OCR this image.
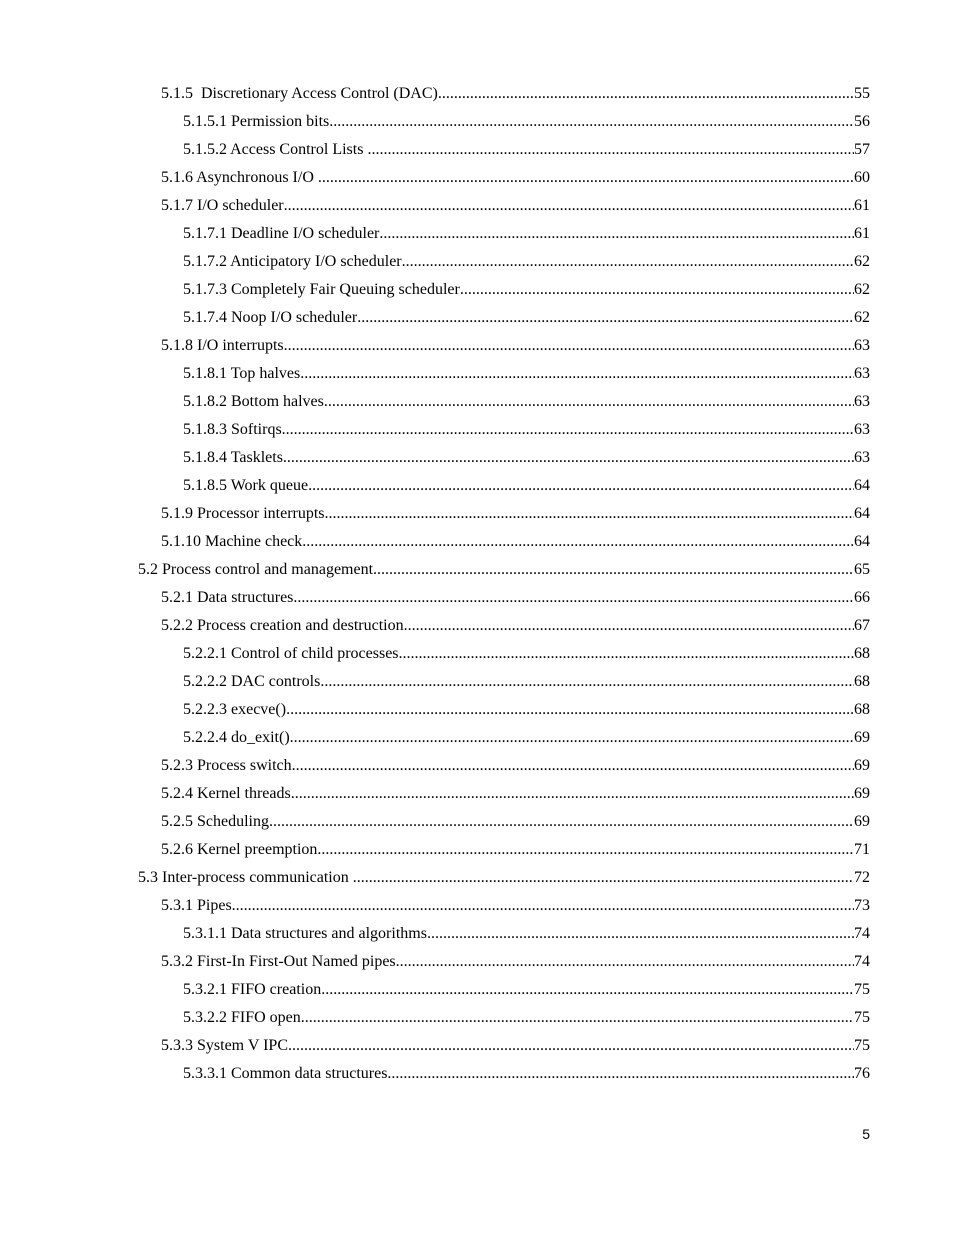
5.1.5  Discretionary Access Control (DAC) .....	55
5.1.5.1 Permission bits .....	56
5.1.5.2 Access Control Lists .....	57
5.1.6 Asynchronous I/O .....	60
5.1.7 I/O scheduler .....	61
5.1.7.1 Deadline I/O scheduler .....	61
5.1.7.2 Anticipatory I/O scheduler .....	62
5.1.7.3 Completely Fair Queuing scheduler .....	62
5.1.7.4 Noop I/O scheduler .....	62
5.1.8 I/O interrupts .....	63
5.1.8.1 Top halves .....	63
5.1.8.2 Bottom halves .....	63
5.1.8.3 Softirqs .....	63
5.1.8.4 Tasklets .....	63
5.1.8.5 Work queue .....	64
5.1.9 Processor interrupts .....	64
5.1.10 Machine check .....	64
5.2 Process control and management .....	65
5.2.1 Data structures .....	66
5.2.2 Process creation and destruction .....	67
5.2.2.1 Control of child processes .....	68
5.2.2.2 DAC controls .....	68
5.2.2.3 execve() .....	68
5.2.2.4 do_exit() .....	69
5.2.3 Process switch .....	69
5.2.4 Kernel threads .....	69
5.2.5 Scheduling .....	69
5.2.6 Kernel preemption .....	71
5.3 Inter-process communication .....	72
5.3.1 Pipes .....	73
5.3.1.1 Data structures and algorithms .....	74
5.3.2 First-In First-Out Named pipes .....	74
5.3.2.1 FIFO creation .....	75
5.3.2.2 FIFO open .....	75
5.3.3 System V IPC .....	75
5.3.3.1 Common data structures .....	76
5
